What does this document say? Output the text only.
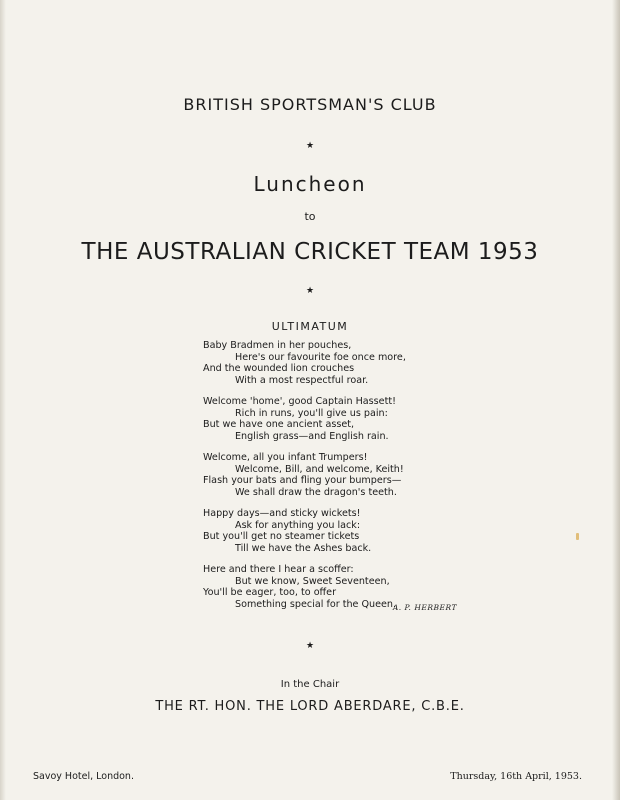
BRITISH SPORTSMAN'S CLUB
★
Luncheon
to
THE AUSTRALIAN CRICKET TEAM 1953
★
ULTIMATUM
Baby Bradmen in her pouches,
Here's our favourite foe once more,
And the wounded lion crouches
With a most respectful roar.
Welcome 'home', good Captain Hassett!
Rich in runs, you'll give us pain:
But we have one ancient asset,
English grass—and English rain.
Welcome, all you infant Trumpers!
Welcome, Bill, and welcome, Keith!
Flash your bats and fling your bumpers—
We shall draw the dragon's teeth.
Happy days—and sticky wickets!
Ask for anything you lack:
But you'll get no steamer tickets
Till we have the Ashes back.
Here and there I hear a scoffer:
But we know, Sweet Seventeen,
You'll be eager, too, to offer
Something special for the Queen.
A. P. HERBERT
★
In the Chair
THE RT. HON. THE LORD ABERDARE, C.B.E.
Savoy Hotel, London.	Thursday, 16th April, 1953.
